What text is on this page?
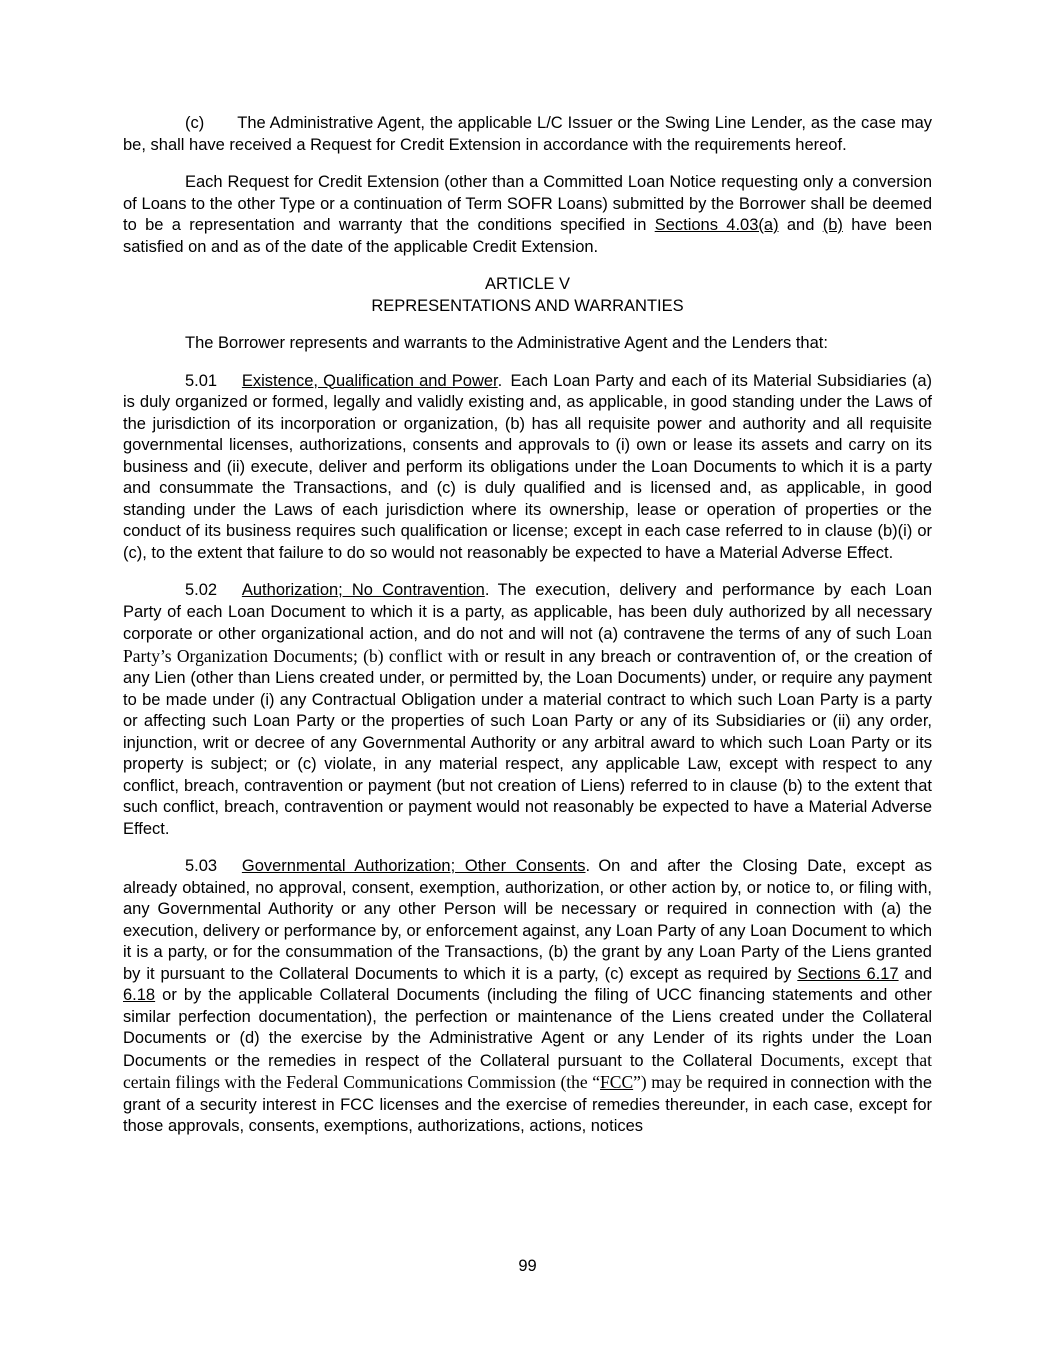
(c)  The Administrative Agent, the applicable L/C Issuer or the Swing Line Lender, as the case may be, shall have received a Request for Credit Extension in accordance with the requirements hereof.

Each Request for Credit Extension (other than a Committed Loan Notice requesting only a conversion of Loans to the other Type or a continuation of Term SOFR Loans) submitted by the Borrower shall be deemed to be a representation and warranty that the conditions specified in Sections 4.03(a) and (b) have been satisfied on and as of the date of the applicable Credit Extension.

ARTICLE V
REPRESENTATIONS AND WARRANTIES

The Borrower represents and warrants to the Administrative Agent and the Lenders that:

5.01  Existence, Qualification and Power. Each Loan Party and each of its Material Subsidiaries (a) is duly organized or formed, legally and validly existing and, as applicable, in good standing under the Laws of the jurisdiction of its incorporation or organization, (b) has all requisite power and authority and all requisite governmental licenses, authorizations, consents and approvals to (i) own or lease its assets and carry on its business and (ii) execute, deliver and perform its obligations under the Loan Documents to which it is a party and consummate the Transactions, and (c) is duly qualified and is licensed and, as applicable, in good standing under the Laws of each jurisdiction where its ownership, lease or operation of properties or the conduct of its business requires such qualification or license; except in each case referred to in clause (b)(i) or (c), to the extent that failure to do so would not reasonably be expected to have a Material Adverse Effect.

5.02  Authorization; No Contravention. The execution, delivery and performance by each Loan Party of each Loan Document to which it is a party, as applicable, has been duly authorized by all necessary corporate or other organizational action, and do not and will not (a) contravene the terms of any of such Loan Party’s Organization Documents; (b) conflict with or result in any breach or contravention of, or the creation of any Lien (other than Liens created under, or permitted by, the Loan Documents) under, or require any payment to be made under (i) any Contractual Obligation under a material contract to which such Loan Party is a party or affecting such Loan Party or the properties of such Loan Party or any of its Subsidiaries or (ii) any order, injunction, writ or decree of any Governmental Authority or any arbitral award to which such Loan Party or its property is subject; or (c) violate, in any material respect, any applicable Law, except with respect to any conflict, breach, contravention or payment (but not creation of Liens) referred to in clause (b) to the extent that such conflict, breach, contravention or payment would not reasonably be expected to have a Material Adverse Effect.

5.03  Governmental Authorization; Other Consents. On and after the Closing Date, except as already obtained, no approval, consent, exemption, authorization, or other action by, or notice to, or filing with, any Governmental Authority or any other Person will be necessary or required in connection with (a) the execution, delivery or performance by, or enforcement against, any Loan Party of any Loan Document to which it is a party, or for the consummation of the Transactions, (b) the grant by any Loan Party of the Liens granted by it pursuant to the Collateral Documents to which it is a party, (c) except as required by Sections 6.17 and 6.18 or by the applicable Collateral Documents (including the filing of UCC financing statements and other similar perfection documentation), the perfection or maintenance of the Liens created under the Collateral Documents or (d) the exercise by the Administrative Agent or any Lender of its rights under the Loan Documents or the remedies in respect of the Collateral pursuant to the Collateral Documents, except that certain filings with the Federal Communications Commission (the “FCC”) may be required in connection with the grant of a security interest in FCC licenses and the exercise of remedies thereunder, in each case, except for those approvals, consents, exemptions, authorizations, actions, notices

99
